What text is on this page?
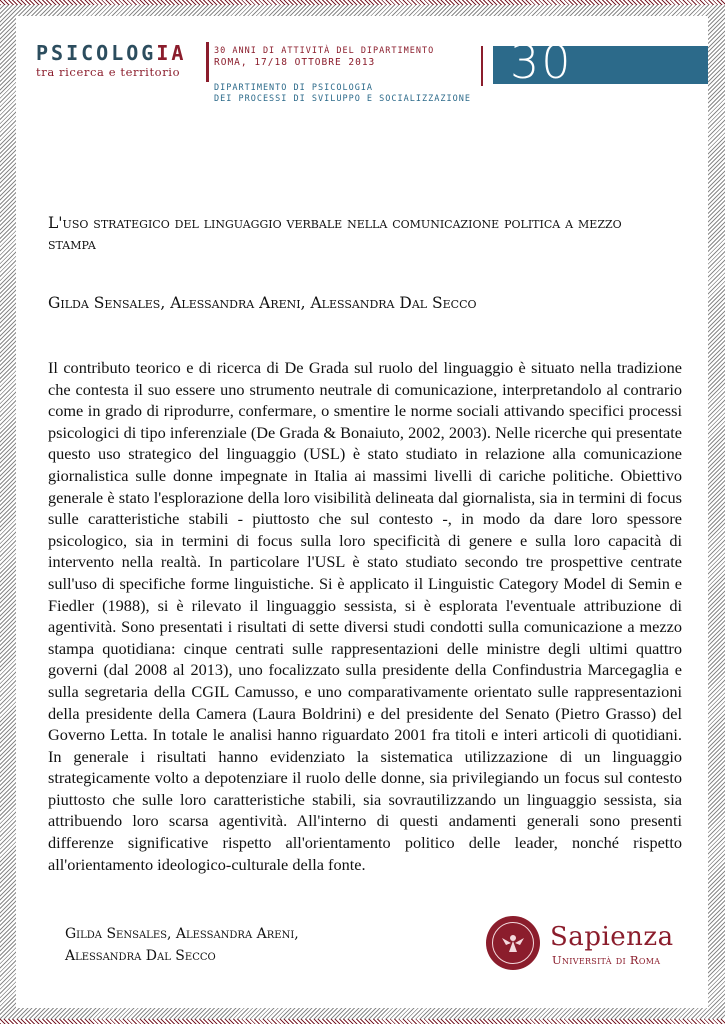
PSICOLOGIA
tra ricerca e territorio
30 ANNI DI ATTIVITÀ DEL DIPARTIMENTO
ROMA, 17/18 OTTOBRE 2013
DIPARTIMENTO DI PSICOLOGIA
DEI PROCESSI DI SVILUPPO E SOCIALIZZAZIONE
30
L'uso strategico del linguaggio verbale nella comunicazione politica a mezzo stampa
Gilda Sensales, Alessandra Areni, Alessandra Dal Secco

Il contributo teorico e di ricerca di De Grada sul ruolo del linguaggio è situato nella tradizione che contesta il suo essere uno strumento neutrale di comunicazione, interpretandolo al contrario come in grado di riprodurre, confermare, o smentire le norme sociali attivando specifici processi psicologici di tipo inferenziale (De Grada & Bonaiuto, 2002, 2003). Nelle ricerche qui presentate questo uso strategico del linguaggio (USL) è stato studiato in relazione alla comunicazione giornalistica sulle donne impegnate in Italia ai massimi livelli di cariche politiche. Obiettivo generale è stato l'esplorazione della loro visibilità delineata dal giornalista, sia in termini di focus sulle caratteristiche stabili - piuttosto che sul contesto -, in modo da dare loro spessore psicologico, sia in termini di focus sulla loro specificità di genere e sulla loro capacità di intervento nella realtà. In particolare l'USL è stato studiato secondo tre prospettive centrate sull'uso di specifiche forme linguistiche. Si è applicato il Linguistic Category Model di Semin e Fiedler (1988), si è rilevato il linguaggio sessista, si è esplorata l'eventuale attribuzione di agentività. Sono presentati i risultati di sette diversi studi condotti sulla comunicazione a mezzo stampa quotidiana: cinque centrati sulle rappresentazioni delle ministre degli ultimi quattro governi (dal 2008 al 2013), uno focalizzato sulla presidente della Confindustria Marcegaglia e sulla segretaria della CGIL Camusso, e uno comparativamente orientato sulle rappresentazioni della presidente della Camera (Laura Boldrini) e del presidente del Senato (Pietro Grasso) del Governo Letta. In totale le analisi hanno riguardato 2001 fra titoli e interi articoli di quotidiani. In generale i risultati hanno evidenziato la sistematica utilizzazione di un linguaggio strategicamente volto a depotenziare il ruolo delle donne, sia privilegiando un focus sul contesto piuttosto che sulle loro caratteristiche stabili, sia sovrautilizzando un linguaggio sessista, sia attribuendo loro scarsa agentività. All'interno di questi andamenti generali sono presenti differenze significative rispetto all'orientamento politico delle leader, nonché rispetto all'orientamento ideologico-culturale della fonte.

Gilda Sensales, Alessandra Areni,
Alessandra Dal Secco
Sapienza
Università di Roma
